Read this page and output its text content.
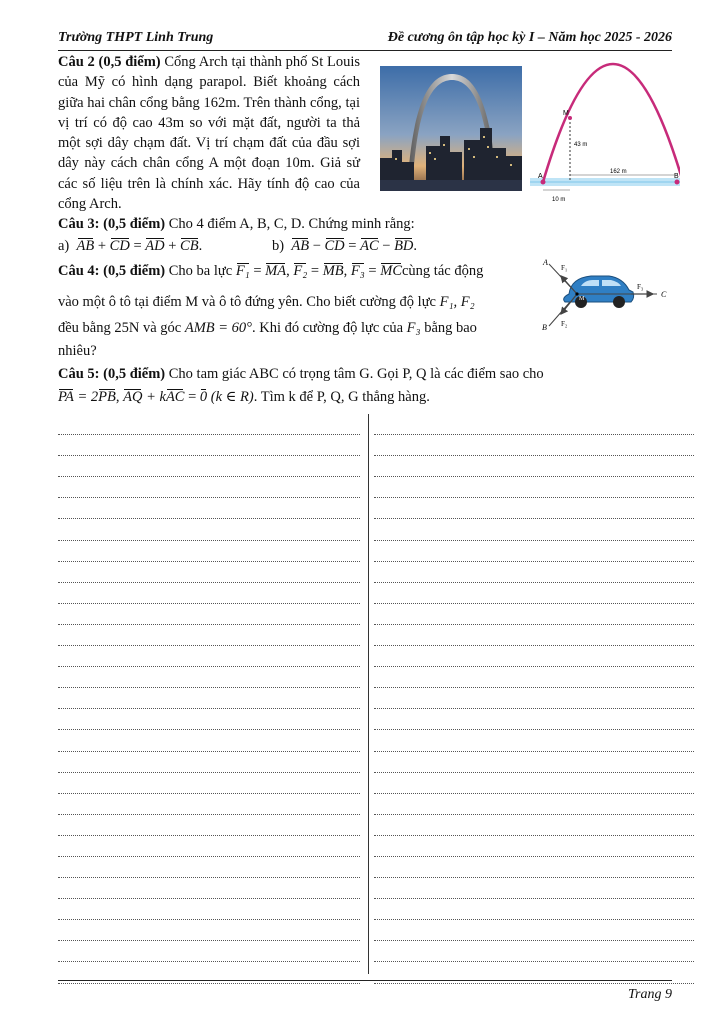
Trường THPT Linh Trung	Đề cương ôn tập học kỳ I – Năm học 2025 - 2026
Câu 2 (0,5 điểm) Cổng Arch tại thành phố St Louis của Mỹ có hình dạng parapol. Biết khoảng cách giữa hai chân cổng bằng 162m. Trên thành cổng, tại vị trí có độ cao 43m so với mặt đất, người ta thả một sợi dây chạm đất. Vị trí chạm đất của đầu sợi dây này cách chân cổng A một đoạn 10m. Giả sử các số liệu trên là chính xác. Hãy tính độ cao của cổng Arch.
M
A	B
43 m
162 m
10 m
Câu 3: (0,5 điểm) Cho 4 điểm A, B, C, D. Chứng minh rằng:
a) AB + CD = AD + CB.	b) AB − CD = AC − BD.
Câu 4: (0,5 điểm) Cho ba lực F₁ = MA, F₂ = MB, F₃ = MCcùng tác động
vào một ô tô tại điểm M và ô tô đứng yên. Cho biết cường độ lực F₁, F₂
đều bằng 25N và góc AMB = 60°. Khi đó cường độ lực của F₃ bằng bao
nhiêu?
A
B
C
M
F₁
F₂
F₃
Câu 5: (0,5 điểm) Cho tam giác ABC có trọng tâm G. Gọi P, Q là các điểm sao cho
PA = 2PB, AQ + kAC = 0 (k ∈ R). Tìm k để P, Q, G thẳng hàng.
Trang 9
